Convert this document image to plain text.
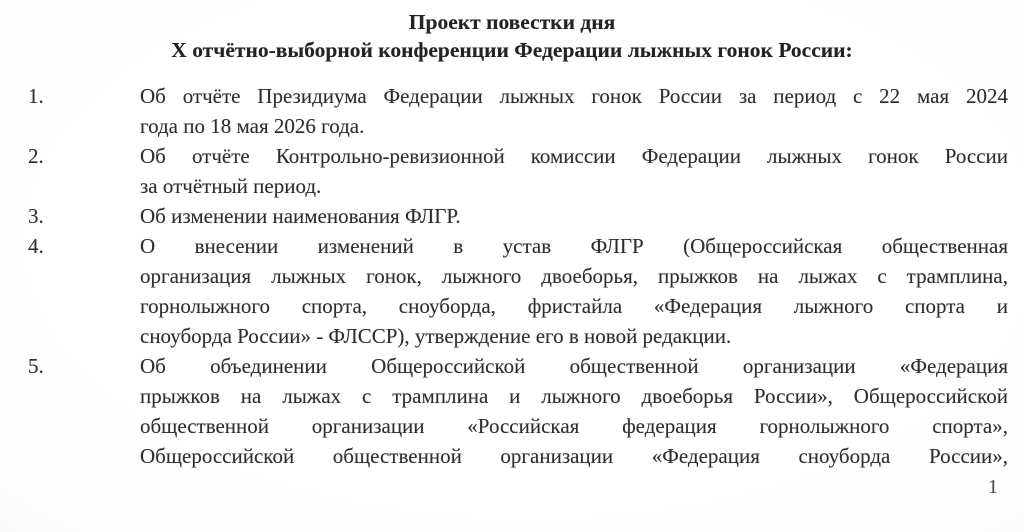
Проект повестки дня
X отчётно-выборной конференции Федерации лыжных гонок России:
1.	Об отчёте Президиума Федерации лыжных гонок России за период с 22 мая 2024
года по 18 мая 2026 года.
2.	Об отчёте Контрольно-ревизионной комиссии Федерации лыжных гонок России
за отчётный период.
3.	Об изменении наименования ФЛГР.
4.	О внесении изменений в устав ФЛГР (Общероссийская общественная
организация лыжных гонок, лыжного двоеборья, прыжков на лыжах с трамплина,
горнолыжного спорта, сноуборда, фристайла «Федерация лыжного спорта и
сноуборда России» - ФЛССР), утверждение его в новой редакции.
5.	Об объединении Общероссийской общественной организации «Федерация
прыжков на лыжах с трамплина и лыжного двоеборья России», Общероссийской
общественной организации «Российская федерация горнолыжного спорта»,
Общероссийской общественной организации «Федерация сноуборда России»,
1
